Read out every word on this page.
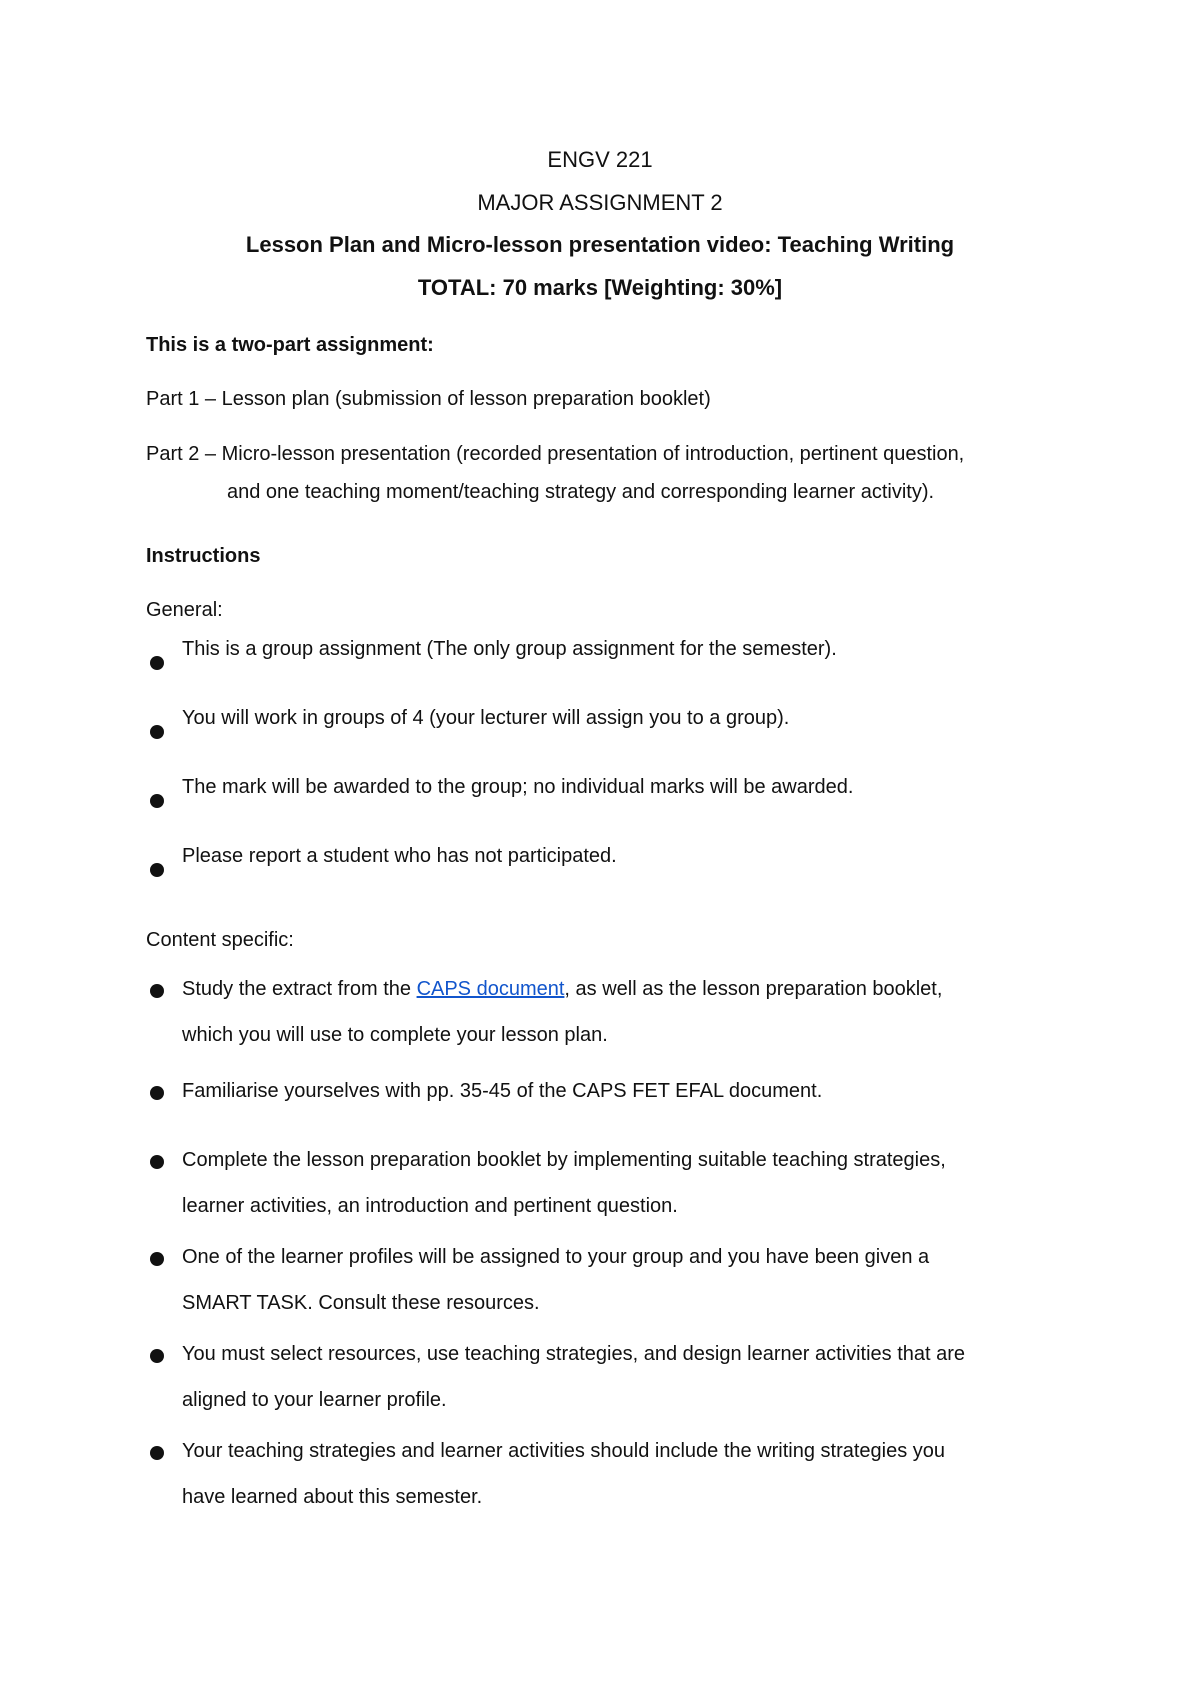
ENGV 221

MAJOR ASSIGNMENT 2

Lesson Plan and Micro-lesson presentation video: Teaching Writing

TOTAL: 70 marks [Weighting: 30%]

This is a two-part assignment:

Part 1 – Lesson plan (submission of lesson preparation booklet)

Part 2 – Micro-lesson presentation (recorded presentation of introduction, pertinent question,

and one teaching moment/teaching strategy and corresponding learner activity).

Instructions

General:

This is a group assignment (The only group assignment for the semester).
You will work in groups of 4 (your lecturer will assign you to a group).
The mark will be awarded to the group; no individual marks will be awarded.
Please report a student who has not participated.

Content specific:

Study the extract from the CAPS document, as well as the lesson preparation booklet,
which you will use to complete your lesson plan.
Familiarise yourselves with pp. 35-45 of the CAPS FET EFAL document.
Complete the lesson preparation booklet by implementing suitable teaching strategies,
learner activities, an introduction and pertinent question.
One of the learner profiles will be assigned to your group and you have been given a
SMART TASK. Consult these resources.
You must select resources, use teaching strategies, and design learner activities that are
aligned to your learner profile.
Your teaching strategies and learner activities should include the writing strategies you
have learned about this semester.
